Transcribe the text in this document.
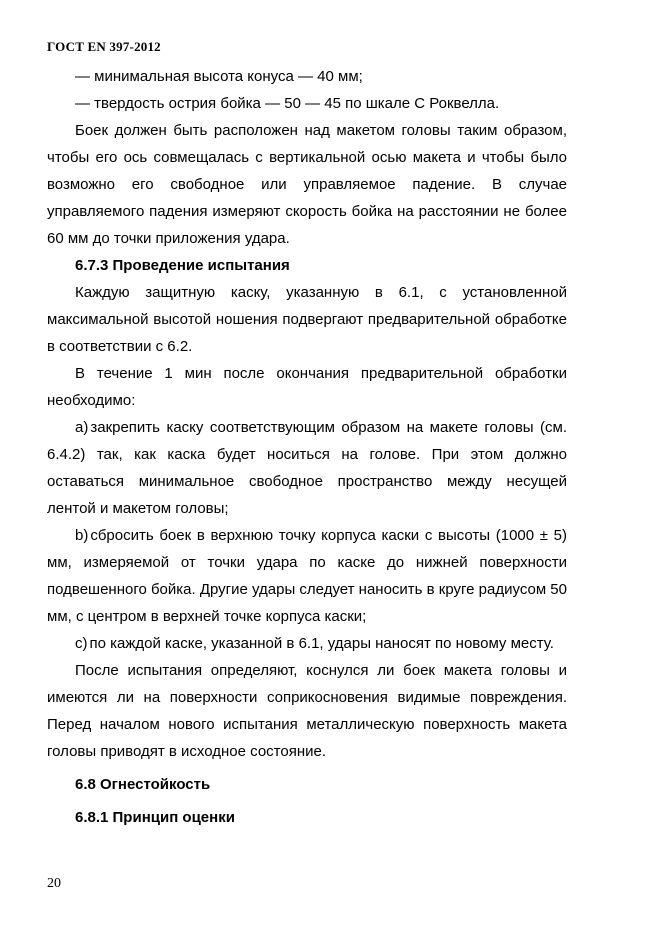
ГОСТ EN 397-2012

— минимальная высота конуса — 40 мм;

— твердость острия бойка — 50 — 45 по шкале С Роквелла.

Боек должен быть расположен над макетом головы таким образом, чтобы его ось совмещалась с вертикальной осью макета и чтобы было возможно его свободное или управляемое падение. В случае управляемого падения измеряют скорость бойка на расстоянии не более 60 мм до точки приложения удара.

6.7.3 Проведение испытания

Каждую защитную каску, указанную в 6.1, с установленной максимальной высотой ношения подвергают предварительной обработке в соответствии с 6.2.

В течение 1 мин после окончания предварительной обработки необходимо:

a) закрепить каску соответствующим образом на макете головы (см. 6.4.2) так, как каска будет носиться на голове. При этом должно оставаться минимальное свободное пространство между несущей лентой и макетом головы;

b) сбросить боек в верхнюю точку корпуса каски с высоты (1000 ± 5) мм, измеряемой от точки удара по каске до нижней поверхности подвешенного бойка. Другие удары следует наносить в круге радиусом 50 мм, с центром в верхней точке корпуса каски;

c) по каждой каске, указанной в 6.1, удары наносят по новому месту.

После испытания определяют, коснулся ли боек макета головы и имеются ли на поверхности соприкосновения видимые повреждения. Перед началом нового испытания металлическую поверхность макета головы приводят в исходное состояние.

6.8 Огнестойкость

6.8.1 Принцип оценки

20
